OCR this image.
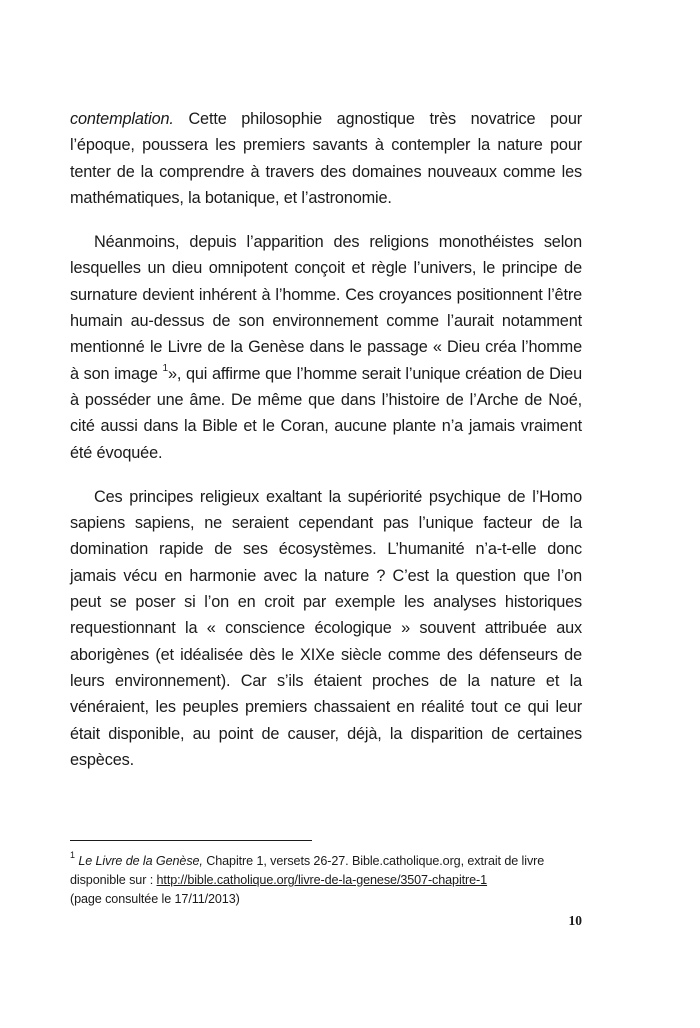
contemplation. Cette philosophie agnostique très novatrice pour l’époque, poussera les premiers savants à contempler la nature pour tenter de la comprendre à travers des domaines nouveaux comme les mathématiques, la botanique, et l’astronomie.

Néanmoins, depuis l’apparition des religions monothéistes selon lesquelles un dieu omnipotent conçoit et règle l’univers, le principe de surnature devient inhérent à l’homme. Ces croyances positionnent l’être humain au-dessus de son environnement comme l’aurait notamment mentionné le Livre de la Genèse dans le passage « Dieu créa l’homme à son image $^1$», qui affirme que l’homme serait l’unique création de Dieu à posséder une âme. De même que dans l’histoire de l’Arche de Noé, cité aussi dans la Bible et le Coran, aucune plante n’a jamais vraiment été évoquée.

Ces principes religieux exaltant la supériorité psychique de l’Homo sapiens sapiens, ne seraient cependant pas l’unique facteur de la domination rapide de ses écosystèmes. L’humanité n’a-t-elle donc jamais vécu en harmonie avec la nature ? C’est la question que l’on peut se poser si l’on en croit par exemple les analyses historiques requestionnant la « conscience écologique » souvent attribuée aux aborigènes (et idéalisée dès le XIXe siècle comme des défenseurs de leurs environnement). Car s’ils étaient proches de la nature et la vénéraient, les peuples premiers chassaient en réalité tout ce qui leur était disponible, au point de causer, déjà, la disparition de certaines espèces.

$^1$ Le Livre de la Genèse, Chapitre 1, versets 26-27. Bible.catholique.org, extrait de livre disponible sur : http://bible.catholique.org/livre-de-la-genese/3507-chapitre-1
(page consultée le 17/11/2013)
10
